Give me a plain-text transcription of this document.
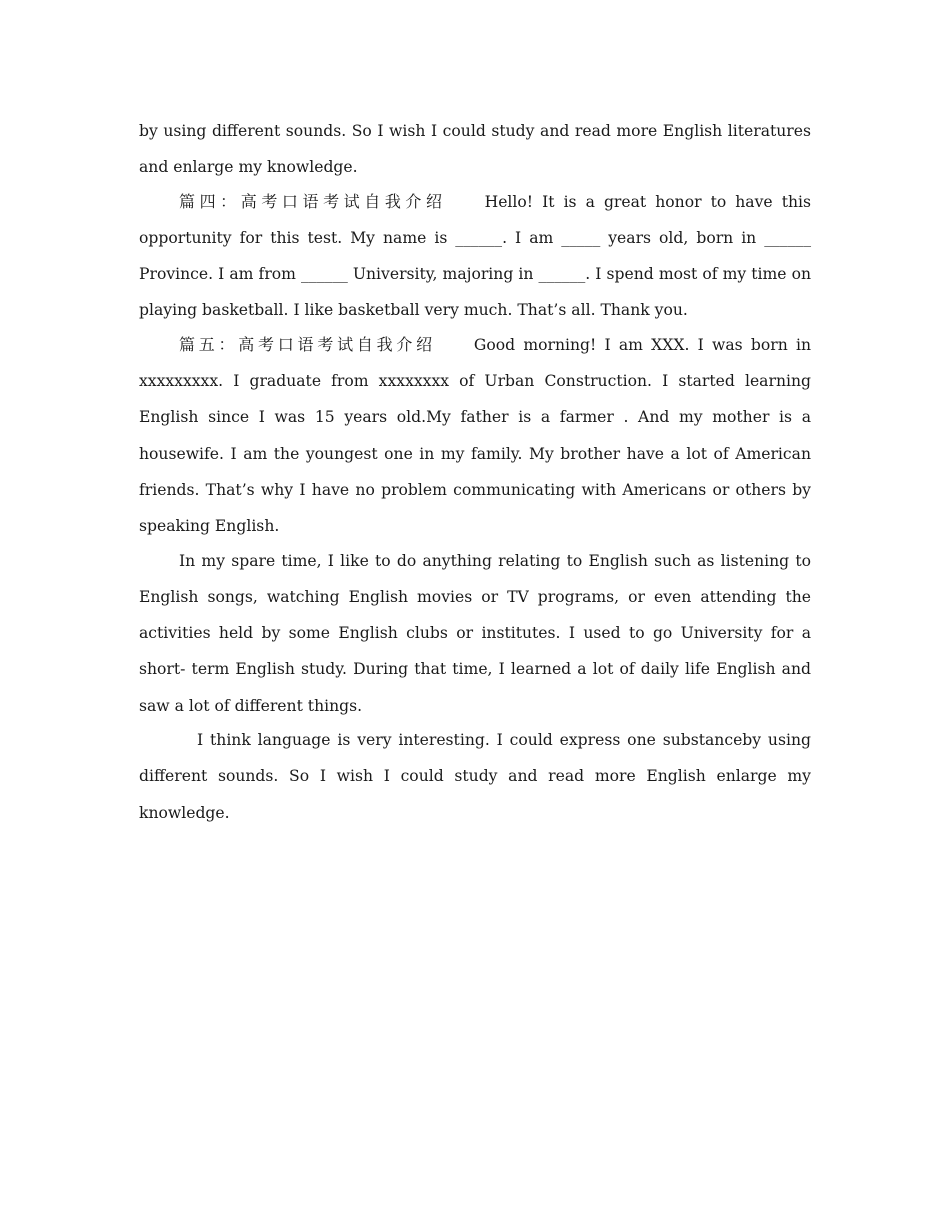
by using different sounds. So I wish I could study and read more English literatures and enlarge my knowledge.

篇四：高考口语考试自我介绍 Hello! It is a great honor to have this opportunity for this test. My name is ______. I am _____ years old, born in ______ Province. I am from ______ University, majoring in ______. I spend most of my time on playing basketball. I like basketball very much. That’s all. Thank you.

篇五：高考口语考试自我介绍 Good morning! I am XXX. I was born in xxxxxxxxx. I graduate from xxxxxxxx of Urban Construction. I started learning English since I was 15 years old.My father is a farmer . And my mother is a housewife. I am the youngest one in my family. My brother have a lot of American friends. That’s why I have no problem communicating with Americans or others by speaking English.

In my spare time, I like to do anything relating to English such as listening to English songs, watching English movies or TV programs, or even attending the activities held by some English clubs or institutes. I used to go University for a short- term English study. During that time, I learned a lot of daily life English and saw a lot of different things.

I think language is very interesting. I could express one substanceby using different sounds. So I wish I could study and read more English enlarge my knowledge.
